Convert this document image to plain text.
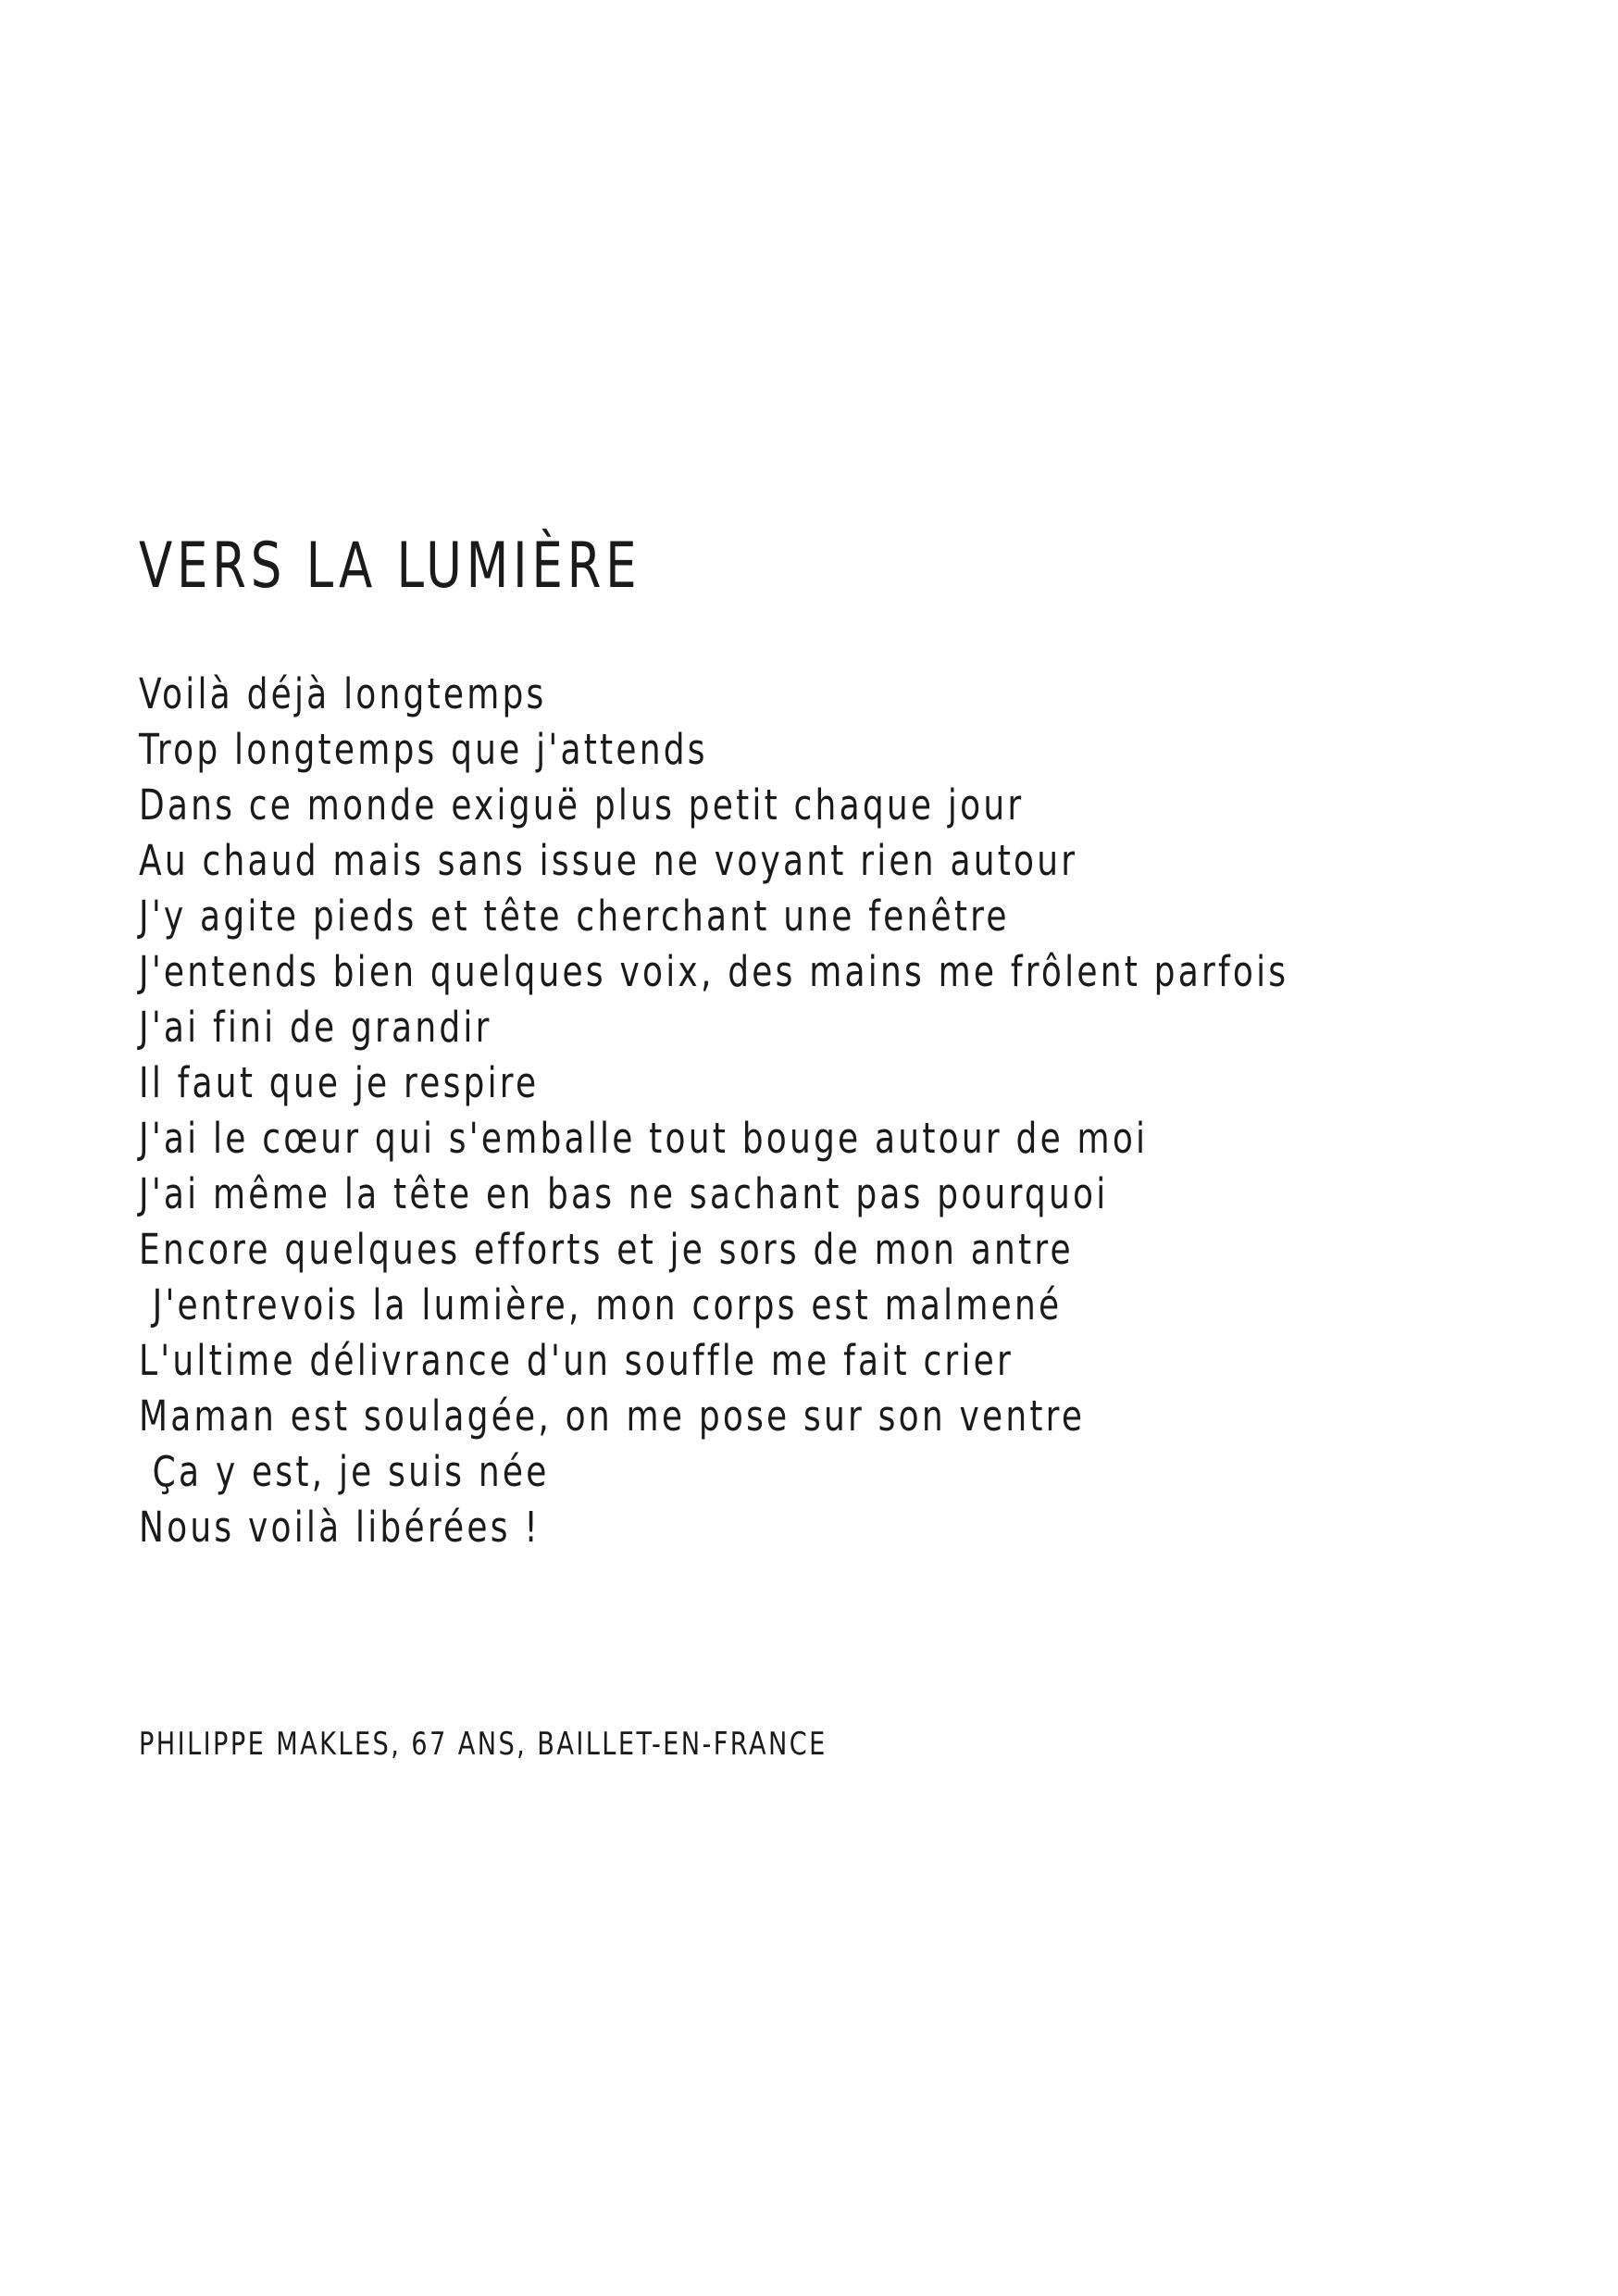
VERS LA LUMIÈRE
Voilà déjà longtemps
Trop longtemps que j'attends
Dans ce monde exiguë plus petit chaque jour
Au chaud mais sans issue ne voyant rien autour
J'y agite pieds et tête cherchant une fenêtre
J'entends bien quelques voix, des mains me frôlent parfois
J'ai fini de grandir
Il faut que je respire
J'ai le cœur qui s'emballe tout bouge autour de moi
J'ai même la tête en bas ne sachant pas pourquoi
Encore quelques efforts et je sors de mon antre
J'entrevois la lumière, mon corps est malmené
L'ultime délivrance d'un souffle me fait crier
Maman est soulagée, on me pose sur son ventre
Ça y est, je suis née
Nous voilà libérées !

PHILIPPE MAKLES, 67 ANS, BAILLET-EN-FRANCE
